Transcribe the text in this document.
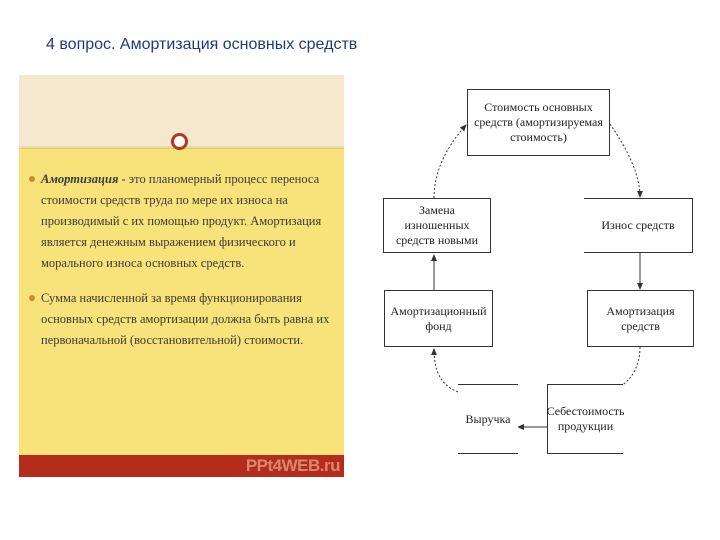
4 вопрос. Амортизация основных средств
Амортизация - это планомерный процесс переноса стоимости средств труда по мере их износа на производимый с их помощью продукт. Амортизация является денежным выражением физического и морального износа основных средств.
Сумма начисленной за время функционирования основных средств амортизации должна быть равна их первоначальной (восстановительной) стоимости.
PPt4WEB.ru
Стоимость основных средств (амортизируемая стоимость)
Замена изношенных средств новыми
Износ средств
Амортизационный фонд
Амортизация средств
Выручка
Себестоимость продукции
